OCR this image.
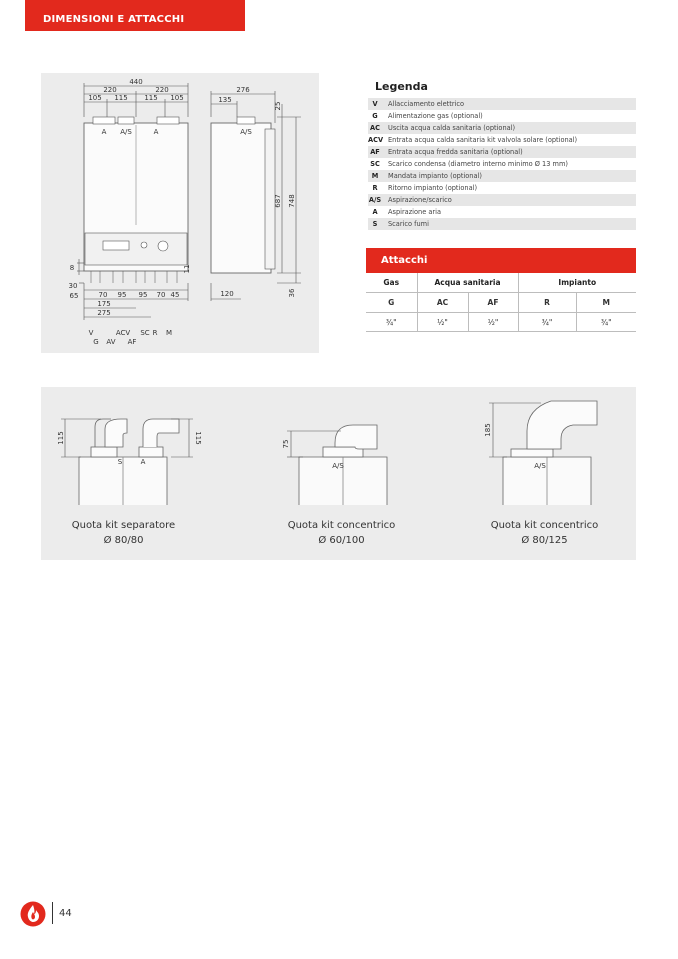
DIMENSIONI E ATTACCHI
440
220	220
105 115 115 105
A A/S	A
8
30
65	70 95 95 70 45
175
275
V	ACV SC R M
G AV AF
276
135
A/S
120
25
687 748
11
36
Legenda
V	Allacciamento elettrico
G	Alimentazione gas (optional)
AC	Uscita acqua calda sanitaria (optional)
ACV Entrata acqua calda sanitaria kit valvola solare (optional)
AF	Entrata acqua fredda sanitaria (optional)
SC	Scarico condensa (diametro interno minimo Ø 13 mm)
M	Mandata impianto (optional)
R	Ritorno impianto (optional)
A/S Aspirazione/scarico
A	Aspirazione aria
S	Scarico fumi
Attacchi
Gas	Acqua sanitaria		Impianto	
G	AC	AF	R	M
¾"	½"	½"	¾"	¾"
S	A	A/S	A/S
115	115	75
185
Quota kit separatore
Ø 80/80
Quota kit concentrico
Ø 60/100
Quota kit concentrico
Ø 80/125
44
